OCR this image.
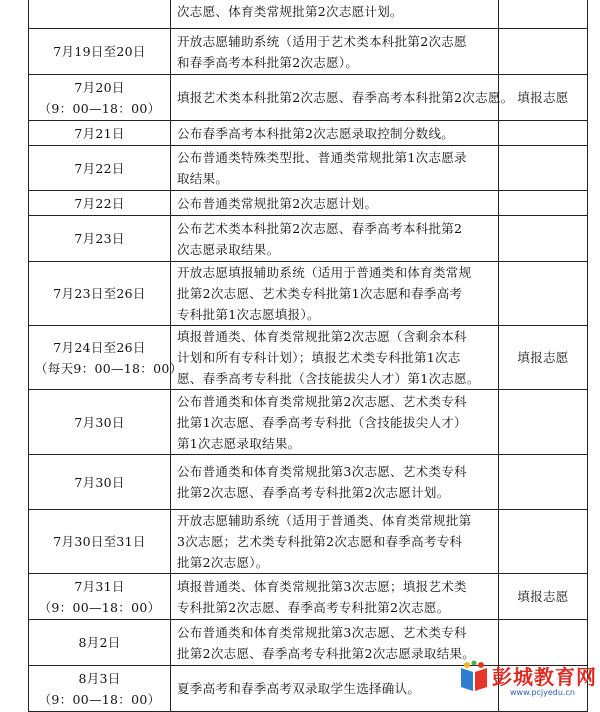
	次志愿、体育类常规批第2次志愿计划。	

7月19日至20日	开放志愿辅助系统（适用于艺术类本科批第2次志愿
和春季高考本科批第2次志愿）。	

7月20日
（9：00—18：00）	填报艺术类本科批第2次志愿、春季高考本科批第2次志愿。	填报志愿

7月21日	公布春季高考本科批第2次志愿录取控制分数线。	

7月22日	公布普通类特殊类型批、普通类常规批第1次志愿录
取结果。	

7月22日	公布普通类常规批第2次志愿计划。	

7月23日	公布艺术类本科批第2次志愿、春季高考本科批第2
次志愿录取结果。	

7月23日至26日	开放志愿填报辅助系统（适用于普通类和体育类常规
批第2次志愿、艺术类专科批第1次志愿和春季高考
专科批第1次志愿填报）。	

7月24日至26日
（每天9：00—18：00）	填报普通类、体育类常规批第2次志愿（含剩余本科
计划和所有专科计划）；填报艺术类专科批第1次志
愿、春季高考专科批（含技能拔尖人才）第1次志愿。	填报志愿

7月30日	公布普通类和体育类常规批第2次志愿、艺术类专科
批第1次志愿、春季高考专科批（含技能拔尖人才）
第1次志愿录取结果。	

7月30日	公布普通类和体育类常规批第3次志愿、艺术类专科
批第2次志愿、春季高考专科批第2次志愿计划。	

7月30日至31日	开放志愿辅助系统（适用于普通类、体育类常规批第
3次志愿；艺术类专科批第2次志愿和春季高考专科
批第2次志愿）。	

7月31日
（9：00—18：00）	填报普通类、体育类常规批第3次志愿；填报艺术类
专科批第2次志愿、春季高考专科批第2次志愿。	填报志愿

8月2日	公布普通类和体育类常规批第3次志愿、艺术类专科
批第2次志愿、春季高考专科批第2次志愿录取结果。	

8月3日
（9：00—18：00）	夏季高考和春季高考双录取学生选择确认。	
		彭城教育网
www.pcjyedu.cn
